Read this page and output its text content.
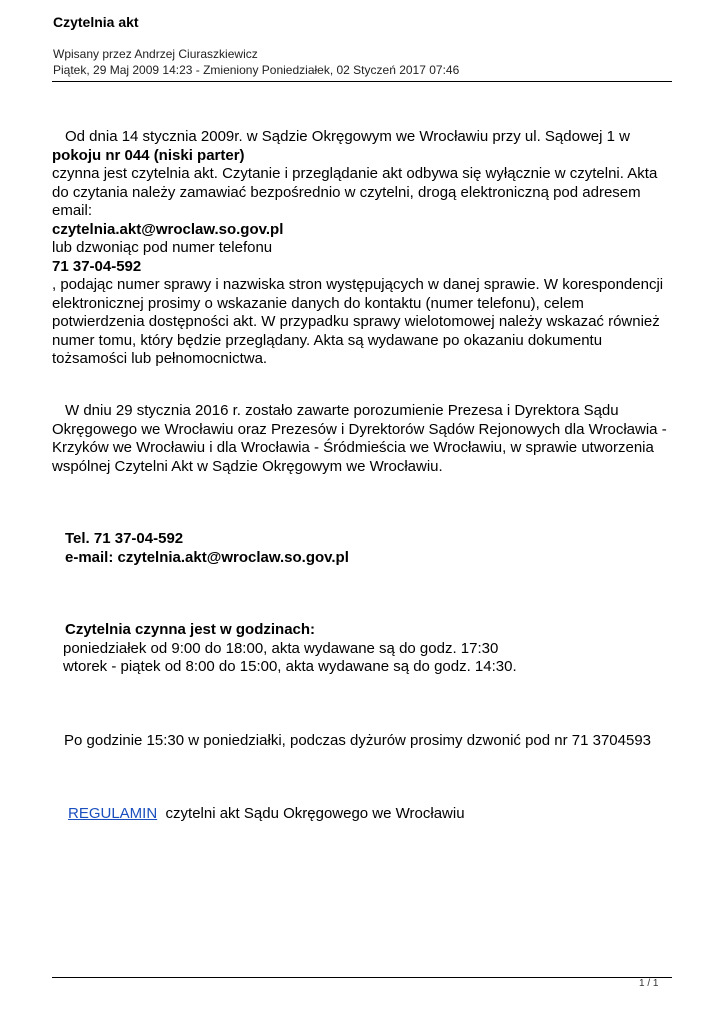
Czytelnia akt
Wpisany przez Andrzej Ciuraszkiewicz
Piątek, 29 Maj 2009 14:23 - Zmieniony Poniedziałek, 02 Styczeń 2017 07:46
Od dnia 14 stycznia 2009r. w Sądzie Okręgowym we Wrocławiu przy ul. Sądowej 1 w pokoju nr 044 (niski parter)
czynna jest czytelnia akt. Czytanie i przeglądanie akt odbywa się wyłącznie w czytelni. Akta do czytania należy zamawiać bezpośrednio w czytelni, drogą elektroniczną pod adresem email:
czytelnia.akt@wroclaw.so.gov.pl
lub dzwoniąc pod numer telefonu
71 37-04-592
, podając numer sprawy i nazwiska stron występujących w danej sprawie. W korespondencji elektronicznej prosimy o wskazanie danych do kontaktu (numer telefonu), celem potwierdzenia dostępności akt. W przypadku sprawy wielotomowej należy wskazać również numer tomu, który będzie przeglądany. Akta są wydawane po okazaniu dokumentu tożsamości lub pełnomocnictwa.
W dniu 29 stycznia 2016 r. zostało zawarte porozumienie Prezesa i Dyrektora Sądu Okręgowego we Wrocławiu oraz Prezesów i Dyrektorów Sądów Rejonowych dla Wrocławia - Krzyków we Wrocławiu i dla Wrocławia - Śródmieścia we Wrocławiu, w sprawie utworzenia wspólnej Czytelni Akt w Sądzie Okręgowym we Wrocławiu.
Tel. 71 37-04-592
e-mail: czytelnia.akt@wroclaw.so.gov.pl
Czytelnia czynna jest w godzinach:
poniedziałek od 9:00 do 18:00, akta wydawane są do godz. 17:30
wtorek - piątek od 8:00 do 15:00, akta wydawane są do godz. 14:30.
Po godzinie 15:30 w poniedziałki, podczas dyżurów prosimy dzwonić pod nr 71 3704593
REGULAMIN czytelni akt Sądu Okręgowego we Wrocławiu
1 / 1
